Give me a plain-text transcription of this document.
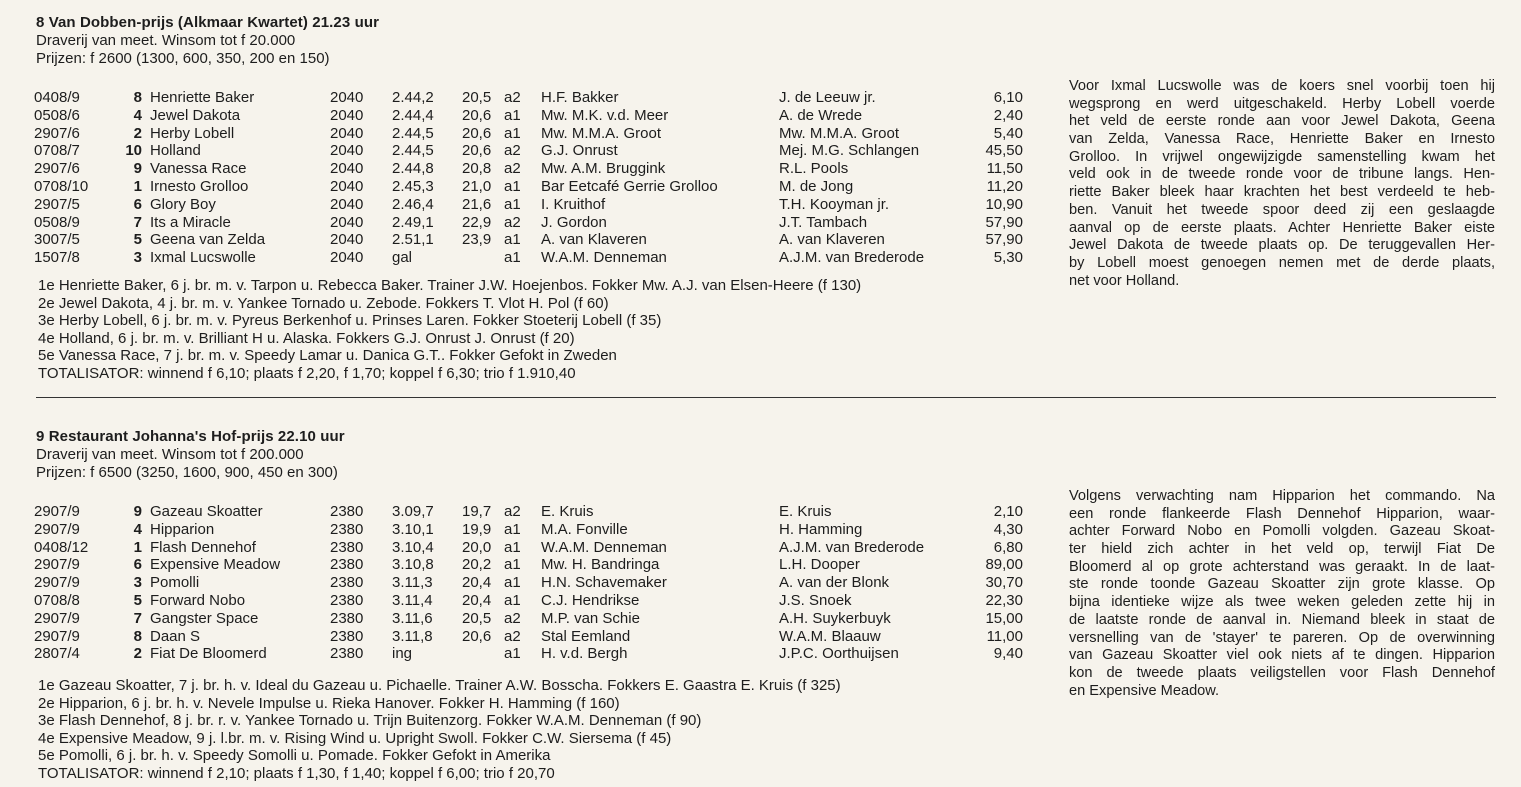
8 Van Dobben-prijs (Alkmaar Kwartet) 21.23 uur
Draverij van meet. Winsom tot f 20.000
Prijzen: f 2600 (1300, 600, 350, 200 en 150)
0408/9	8	Henriette Baker	2040	2.44,2	20,5	a2	H.F. Bakker	J. de Leeuw jr.	6,10
0508/6	4	Jewel Dakota	2040	2.44,4	20,6	a1	Mw. M.K. v.d. Meer	A. de Wrede	2,40
2907/6	2	Herby Lobell	2040	2.44,5	20,6	a1	Mw. M.M.A. Groot	Mw. M.M.A. Groot	5,40
0708/7	10	Holland	2040	2.44,5	20,6	a2	G.J. Onrust	Mej. M.G. Schlangen	45,50
2907/6	9	Vanessa Race	2040	2.44,8	20,8	a2	Mw. A.M. Bruggink	R.L. Pools	11,50
0708/10	1	Irnesto Grolloo	2040	2.45,3	21,0	a1	Bar Eetcafé Gerrie Grolloo	M. de Jong	11,20
2907/5	6	Glory Boy	2040	2.46,4	21,6	a1	I. Kruithof	T.H. Kooyman jr.	10,90
0508/9	7	Its a Miracle	2040	2.49,1	22,9	a2	J. Gordon	J.T. Tambach	57,90
3007/5	5	Geena van Zelda	2040	2.51,1	23,9	a1	A. van Klaveren	A. van Klaveren	57,90
1507/8	3	Ixmal Lucswolle	2040	gal		a1	W.A.M. Denneman	A.J.M. van Brederode	5,30
1e Henriette Baker, 6 j. br. m. v. Tarpon u. Rebecca Baker. Trainer J.W. Hoejenbos. Fokker Mw. A.J. van Elsen-Heere (f 130)
2e Jewel Dakota, 4 j. br. m. v. Yankee Tornado u. Zebode. Fokkers T. Vlot H. Pol (f 60)
3e Herby Lobell, 6 j. br. m. v. Pyreus Berkenhof u. Prinses Laren. Fokker Stoeterij Lobell (f 35)
4e Holland, 6 j. br. m. v. Brilliant H u. Alaska. Fokkers G.J. Onrust J. Onrust (f 20)
5e Vanessa Race, 7 j. br. m. v. Speedy Lamar u. Danica G.T.. Fokker Gefokt in Zweden
TOTALISATOR: winnend f 6,10; plaats f 2,20, f 1,70; koppel f 6,30; trio f 1.910,40
Voor Ixmal Lucswolle was de koers snel voorbij toen hij
wegsprong en werd uitgeschakeld. Herby Lobell voerde
het veld de eerste ronde aan voor Jewel Dakota, Geena
van Zelda, Vanessa Race, Henriette Baker en Irnesto
Grolloo. In vrijwel ongewijzigde samenstelling kwam het
veld ook in de tweede ronde voor de tribune langs. Hen-
riette Baker bleek haar krachten het best verdeeld te heb-
ben. Vanuit het tweede spoor deed zij een geslaagde
aanval op de eerste plaats. Achter Henriette Baker eiste
Jewel Dakota de tweede plaats op. De teruggevallen Her-
by Lobell moest genoegen nemen met de derde plaats,
net voor Holland.
9 Restaurant Johanna's Hof-prijs 22.10 uur
Draverij van meet. Winsom tot f 200.000
Prijzen: f 6500 (3250, 1600, 900, 450 en 300)
2907/9	9	Gazeau Skoatter	2380	3.09,7	19,7	a2	E. Kruis	E. Kruis	2,10
2907/9	4	Hipparion	2380	3.10,1	19,9	a1	M.A. Fonville	H. Hamming	4,30
0408/12	1	Flash Dennehof	2380	3.10,4	20,0	a1	W.A.M. Denneman	A.J.M. van Brederode	6,80
2907/9	6	Expensive Meadow	2380	3.10,8	20,2	a1	Mw. H. Bandringa	L.H. Dooper	89,00
2907/9	3	Pomolli	2380	3.11,3	20,4	a1	H.N. Schavemaker	A. van der Blonk	30,70
0708/8	5	Forward Nobo	2380	3.11,4	20,4	a1	C.J. Hendrikse	J.S. Snoek	22,30
2907/9	7	Gangster Space	2380	3.11,6	20,5	a2	M.P. van Schie	A.H. Suykerbuyk	15,00
2907/9	8	Daan S	2380	3.11,8	20,6	a2	Stal Eemland	W.A.M. Blaauw	11,00
2807/4	2	Fiat De Bloomerd	2380	ing		a1	H. v.d. Bergh	J.P.C. Oorthuijsen	9,40
1e Gazeau Skoatter, 7 j. br. h. v. Ideal du Gazeau u. Pichaelle. Trainer A.W. Bosscha. Fokkers E. Gaastra E. Kruis (f 325)
2e Hipparion, 6 j. br. h. v. Nevele Impulse u. Rieka Hanover. Fokker H. Hamming (f 160)
3e Flash Dennehof, 8 j. br. r. v. Yankee Tornado u. Trijn Buitenzorg. Fokker W.A.M. Denneman (f 90)
4e Expensive Meadow, 9 j. l.br. m. v. Rising Wind u. Upright Swoll. Fokker C.W. Siersema (f 45)
5e Pomolli, 6 j. br. h. v. Speedy Somolli u. Pomade. Fokker Gefokt in Amerika
TOTALISATOR: winnend f 2,10; plaats f 1,30, f 1,40; koppel f 6,00; trio f 20,70
Volgens verwachting nam Hipparion het commando. Na
een ronde flankeerde Flash Dennehof Hipparion, waar-
achter Forward Nobo en Pomolli volgden. Gazeau Skoat-
ter hield zich achter in het veld op, terwijl Fiat De
Bloomerd al op grote achterstand was geraakt. In de laat-
ste ronde toonde Gazeau Skoatter zijn grote klasse. Op
bijna identieke wijze als twee weken geleden zette hij in
de laatste ronde de aanval in. Niemand bleek in staat de
versnelling van de 'stayer' te pareren. Op de overwinning
van Gazeau Skoatter viel ook niets af te dingen. Hipparion
kon de tweede plaats veiligstellen voor Flash Dennehof
en Expensive Meadow.
